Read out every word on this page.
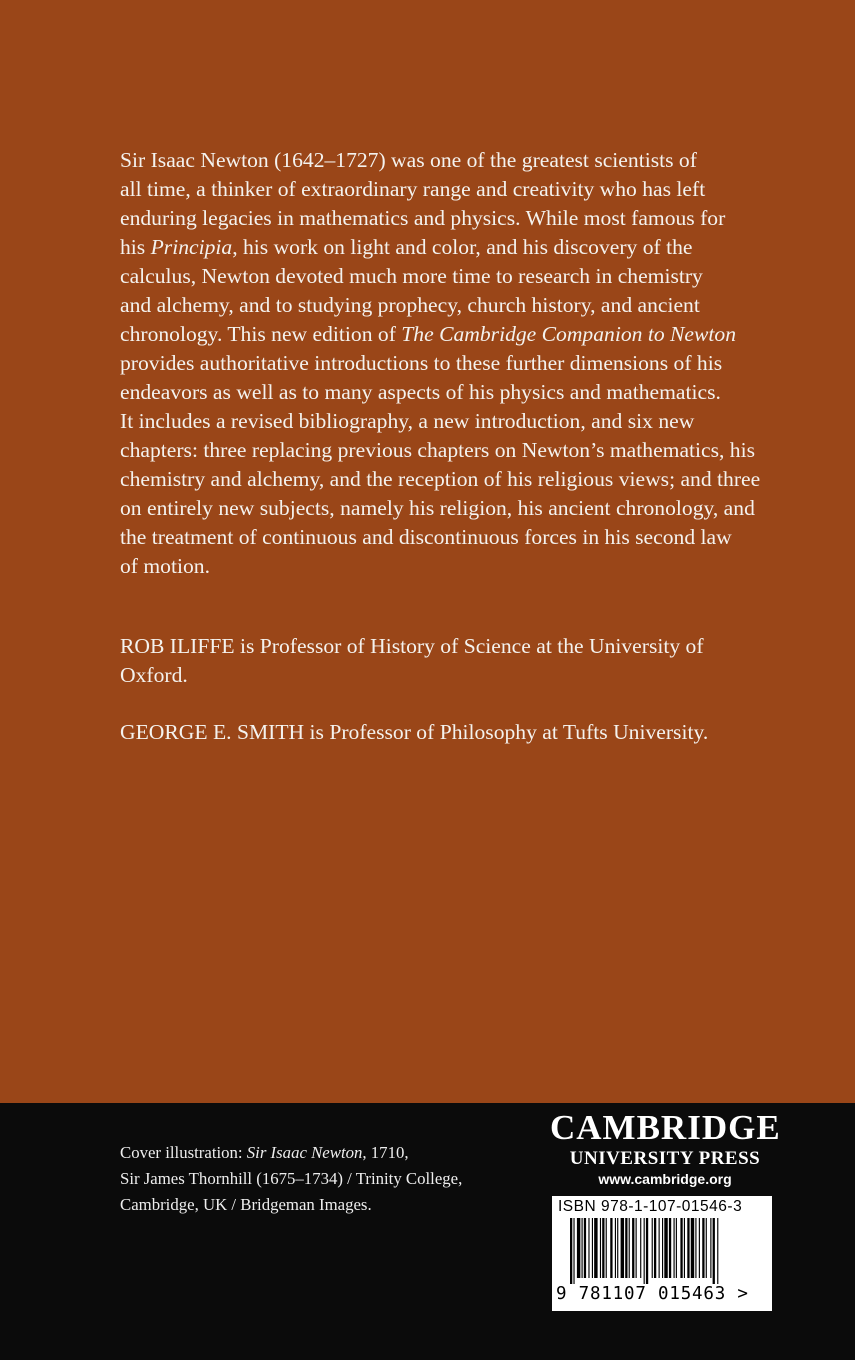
Sir Isaac Newton (1642–1727) was one of the greatest scientists of
all time, a thinker of extraordinary range and creativity who has left
enduring legacies in mathematics and physics. While most famous for
his Principia, his work on light and color, and his discovery of the
calculus, Newton devoted much more time to research in chemistry
and alchemy, and to studying prophecy, church history, and ancient
chronology. This new edition of The Cambridge Companion to Newton
provides authoritative introductions to these further dimensions of his
endeavors as well as to many aspects of his physics and mathematics.
It includes a revised bibliography, a new introduction, and six new
chapters: three replacing previous chapters on Newton’s mathematics, his
chemistry and alchemy, and the reception of his religious views; and three
on entirely new subjects, namely his religion, his ancient chronology, and
the treatment of continuous and discontinuous forces in his second law
of motion.
ROB ILIFFE is Professor of History of Science at the University of
Oxford.
GEORGE E. SMITH is Professor of Philosophy at Tufts University.
Cover illustration: Sir Isaac Newton, 1710,
Sir James Thornhill (1675–1734) / Trinity College,
Cambridge, UK / Bridgeman Images.
CAMBRIDGE
UNIVERSITY PRESS
www.cambridge.org
ISBN 978-1-107-01546-3
9 781107 015463 >
